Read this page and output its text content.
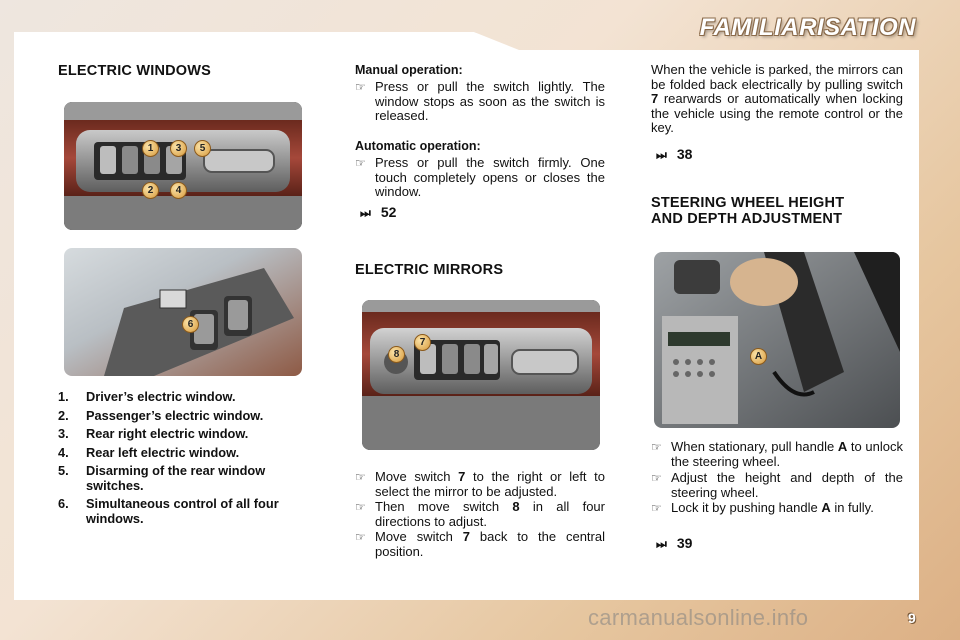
FAMILIARISATION
ELECTRIC WINDOWS
1	3	5
2	4
6
1. Driver’s electric window.
2. Passenger’s electric window.
3. Rear right electric window.
4. Rear left electric window.
5. Disarming of the rear window switches.
6. Simultaneous control of all four windows.
Manual operation:
☞ Press or pull the switch lightly. The window stops as soon as the switch is released.
Automatic operation:
☞ Press or pull the switch firmly. One touch completely opens or closes the window.
⏭ 52
ELECTRIC MIRRORS
8
7
☞ Move switch 7 to the right or left to select the mirror to be adjusted.
☞ Then move switch 8 in all four directions to adjust.
☞ Move switch 7 back to the central position.
When the vehicle is parked, the mirrors can be folded back electrically by pulling switch 7 rearwards or automatically when locking the vehicle using the remote control or the key.
⏭ 38
STEERING WHEEL HEIGHT
AND DEPTH ADJUSTMENT
A
☞ When stationary, pull handle A to unlock the steering wheel.
☞ Adjust the height and depth of the steering wheel.
☞ Lock it by pushing handle A in fully.
⏭ 39
carmanualsonline.info	9
